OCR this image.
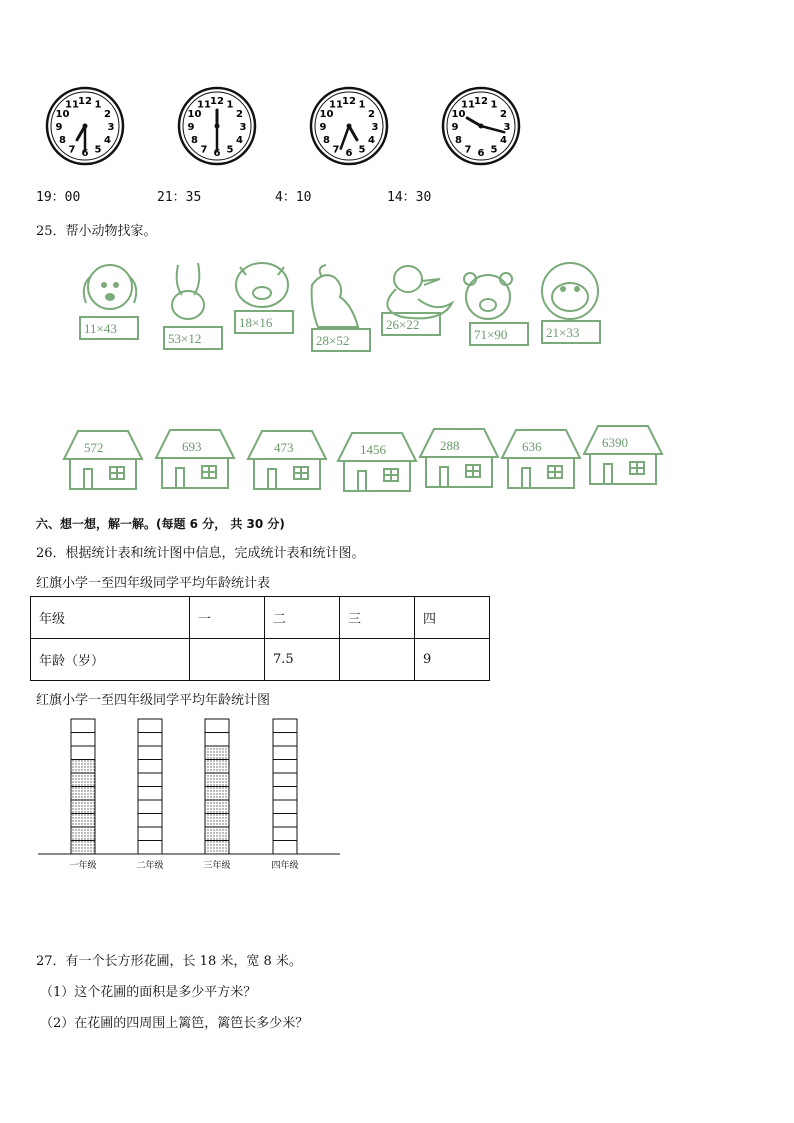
12 1
2
3
4
5
6
7
8
9
10
11	12 1
2
3
4
5
6
7
8
9
10
11	12 1
2
3
4
5
6
7
8
9
10
11	12 1
2
3
4
5
6
7
8
9
10
11
19：00	21：35	4：10	14：30
25．帮小动物找家。
11×43
53×12
18×16
28×52
26×22
71×90	21×33
572	693	473	1456	288	636	6390
六、想一想，解一解。(每题 6 分， 共 30 分)
26．根据统计表和统计图中信息，完成统计表和统计图。
红旗小学一至四年级同学平均年龄统计表
年级	一	二	三	四
年龄（岁）		7.5		9
红旗小学一至四年级同学平均年龄统计图
一年级	二年级	三年级	四年级
27．有一个长方形花圃，长 18 米，宽 8 米。
（1）这个花圃的面积是多少平方米？
（2）在花圃的四周围上篱笆，篱笆长多少米？
